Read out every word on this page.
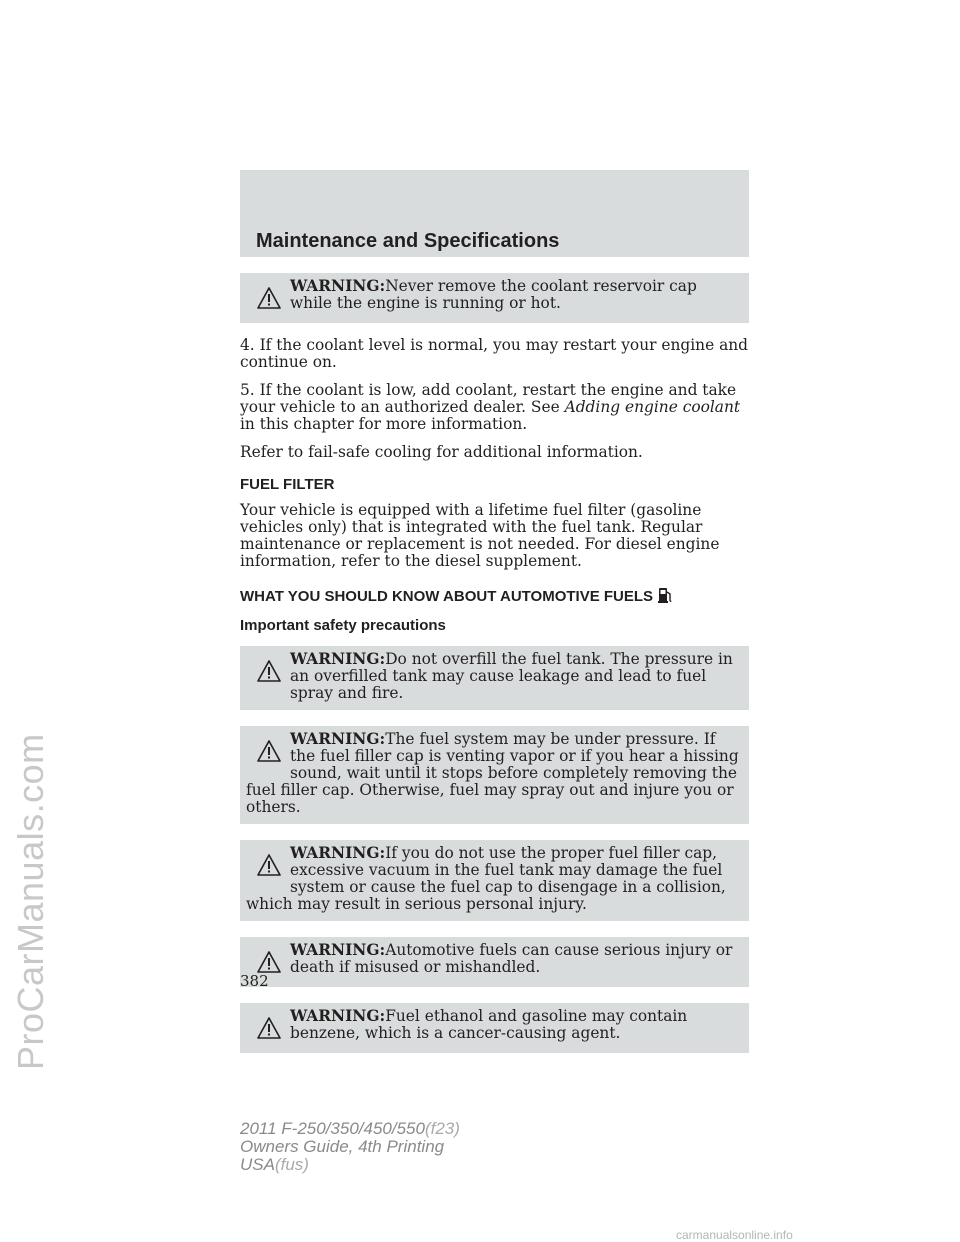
Maintenance and Specifications
WARNING:Never remove the coolant reservoir cap while the engine is running or hot.

4. If the coolant level is normal, you may restart your engine and continue on.

5. If the coolant is low, add coolant, restart the engine and take your vehicle to an authorized dealer. See Adding engine coolant in this chapter for more information.

Refer to fail-safe cooling for additional information.

FUEL FILTER

Your vehicle is equipped with a lifetime fuel filter (gasoline vehicles only) that is integrated with the fuel tank. Regular maintenance or replacement is not needed. For diesel engine information, refer to the diesel supplement.

WHAT YOU SHOULD KNOW ABOUT AUTOMOTIVE FUELS
Important safety precautions
WARNING:Do not overfill the fuel tank. The pressure in an overfilled tank may cause leakage and lead to fuel spray and fire.
WARNING:The fuel system may be under pressure. If the fuel filler cap is venting vapor or if you hear a hissing sound, wait until it stops before completely removing the fuel filler cap. Otherwise, fuel may spray out and injure you or others.
WARNING:If you do not use the proper fuel filler cap, excessive vacuum in the fuel tank may damage the fuel system or cause the fuel cap to disengage in a collision, which may result in serious personal injury.
WARNING:Automotive fuels can cause serious injury or death if misused or mishandled.
WARNING:Fuel ethanol and gasoline may contain benzene, which is a cancer-causing agent.
382
2011 F-250/350/450/550(f23)
Owners Guide, 4th Printing
USA(fus)
ProCarManuals.com
carmanualsonline.info
